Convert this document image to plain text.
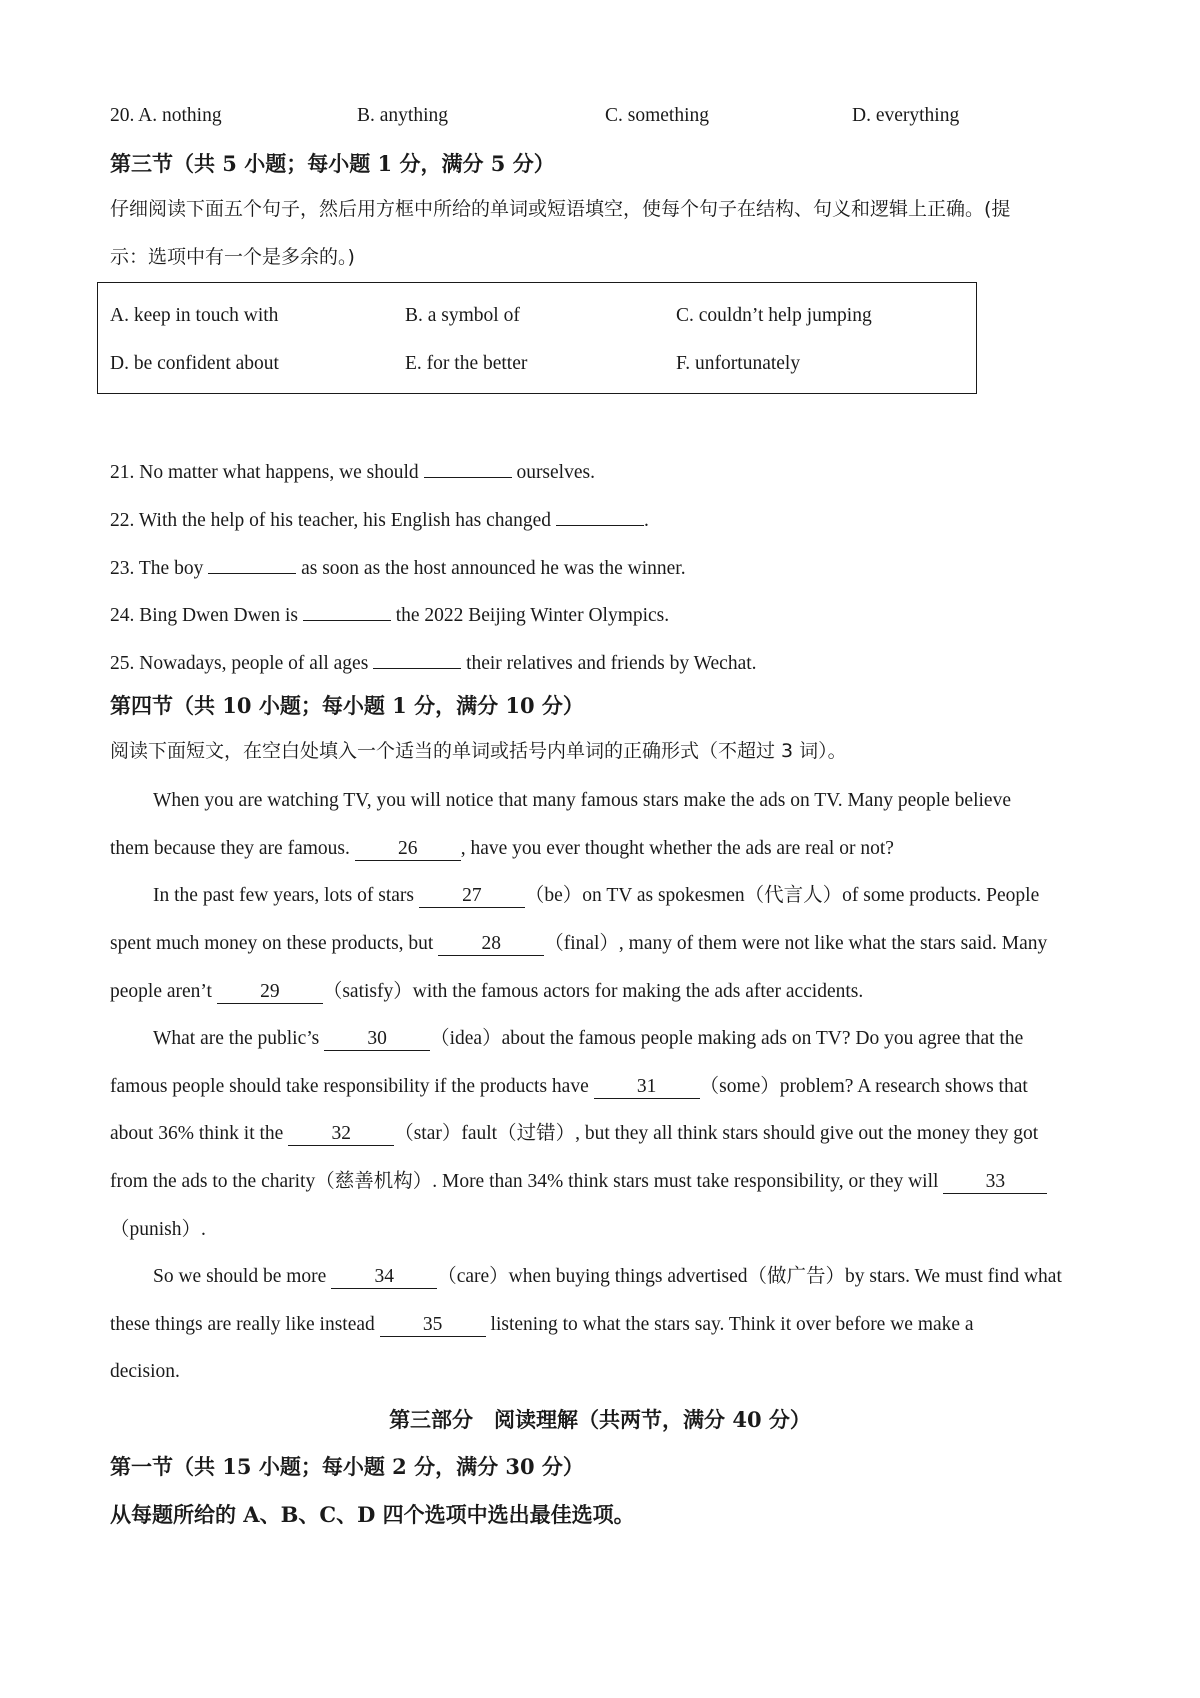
20. A. nothing	B. anything	C. something	D. everything
第三节（共 5 小题；每小题 1 分，满分 5 分）
仔细阅读下面五个句子，然后用方框中所给的单词或短语填空，使每个句子在结构、句义和逻辑上正确。(提
示：选项中有一个是多余的。)
A. keep in touch with	B. a symbol of	C. couldn’t help jumping
D. be confident about	E. for the better	F. unfortunately
21. No matter what happens, we should	ourselves.
22. With the help of his teacher, his English has changed	.
23. The boy	as soon as the host announced he was the winner.
24. Bing Dwen Dwen is	the 2022 Beijing Winter Olympics.
25. Nowadays, people of all ages	their relatives and friends by Wechat.
第四节（共 10 小题；每小题 1 分，满分 10 分）
阅读下面短文，在空白处填入一个适当的单词或括号内单词的正确形式（不超过 3 词）。
When you are watching TV, you will notice that many famous stars make the ads on TV. Many people believe
them because they are famous. 26 , have you ever thought whether the ads are real or not?
In the past few years, lots of stars 27 （be）on TV as spokesmen（代言人）of some products. People
spent much money on these products, but 28 （final）, many of them were not like what the stars said. Many
people aren’t 29 （satisfy）with the famous actors for making the ads after accidents.
What are the public’s 30 （idea）about the famous people making ads on TV? Do you agree that the
famous people should take responsibility if the products have 31 （some）problem? A research shows that
about 36% think it the 32 （star）fault（过错）, but they all think stars should give out the money they got
from the ads to the charity（慈善机构）. More than 34% think stars must take responsibility, or they will 33
（punish）.
So we should be more 34 （care）when buying things advertised（做广告）by stars. We must find what
these things are really like instead 35 listening to what the stars say. Think it over before we make a
decision.
第三部分　阅读理解（共两节，满分 40 分）
第一节（共 15 小题；每小题 2 分，满分 30 分）
从每题所给的 A、B、C、D 四个选项中选出最佳选项。
